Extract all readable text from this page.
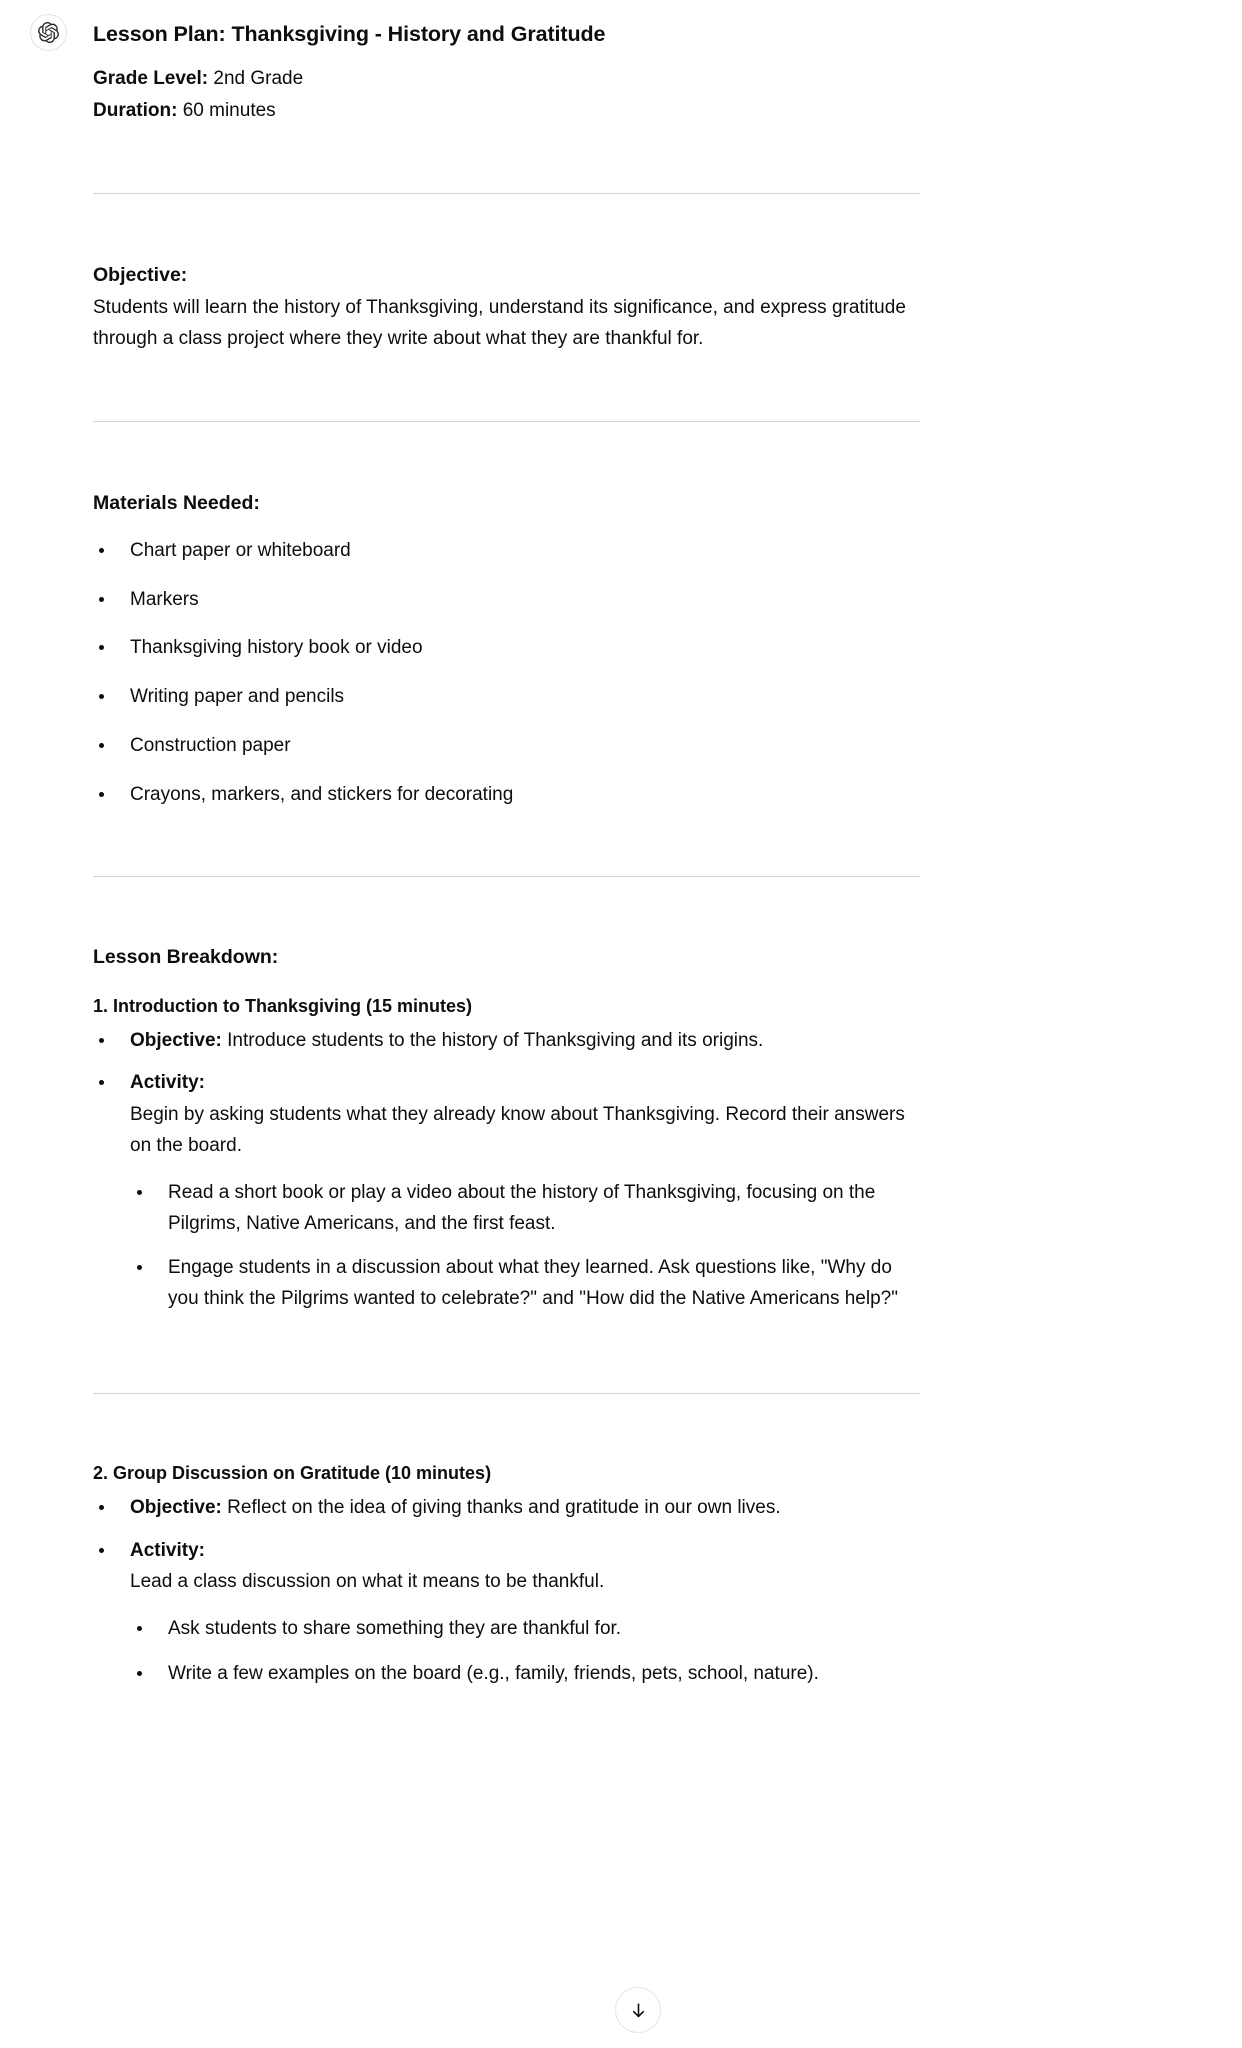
Lesson Plan: Thanksgiving - History and Gratitude

Grade Level: 2nd Grade

Duration: 60 minutes

Objective:

Students will learn the history of Thanksgiving, understand its significance, and express gratitude through a class project where they write about what they are thankful for.

Materials Needed:
Chart paper or whiteboard
Markers
Thanksgiving history book or video
Writing paper and pencils
Construction paper
Crayons, markers, and stickers for decorating
Lesson Breakdown:
1. Introduction to Thanksgiving (15 minutes)
Objective: Introduce students to the history of Thanksgiving and its origins.
Activity:
Begin by asking students what they already know about Thanksgiving. Record their answers on the board.
Read a short book or play a video about the history of Thanksgiving, focusing on the Pilgrims, Native Americans, and the first feast.
Engage students in a discussion about what they learned. Ask questions like, "Why do you think the Pilgrims wanted to celebrate?" and "How did the Native Americans help?"
2. Group Discussion on Gratitude (10 minutes)
Objective: Reflect on the idea of giving thanks and gratitude in our own lives.
Activity:
Lead a class discussion on what it means to be thankful.
Ask students to share something they are thankful for.
Write a few examples on the board (e.g., family, friends, pets, school, nature).
